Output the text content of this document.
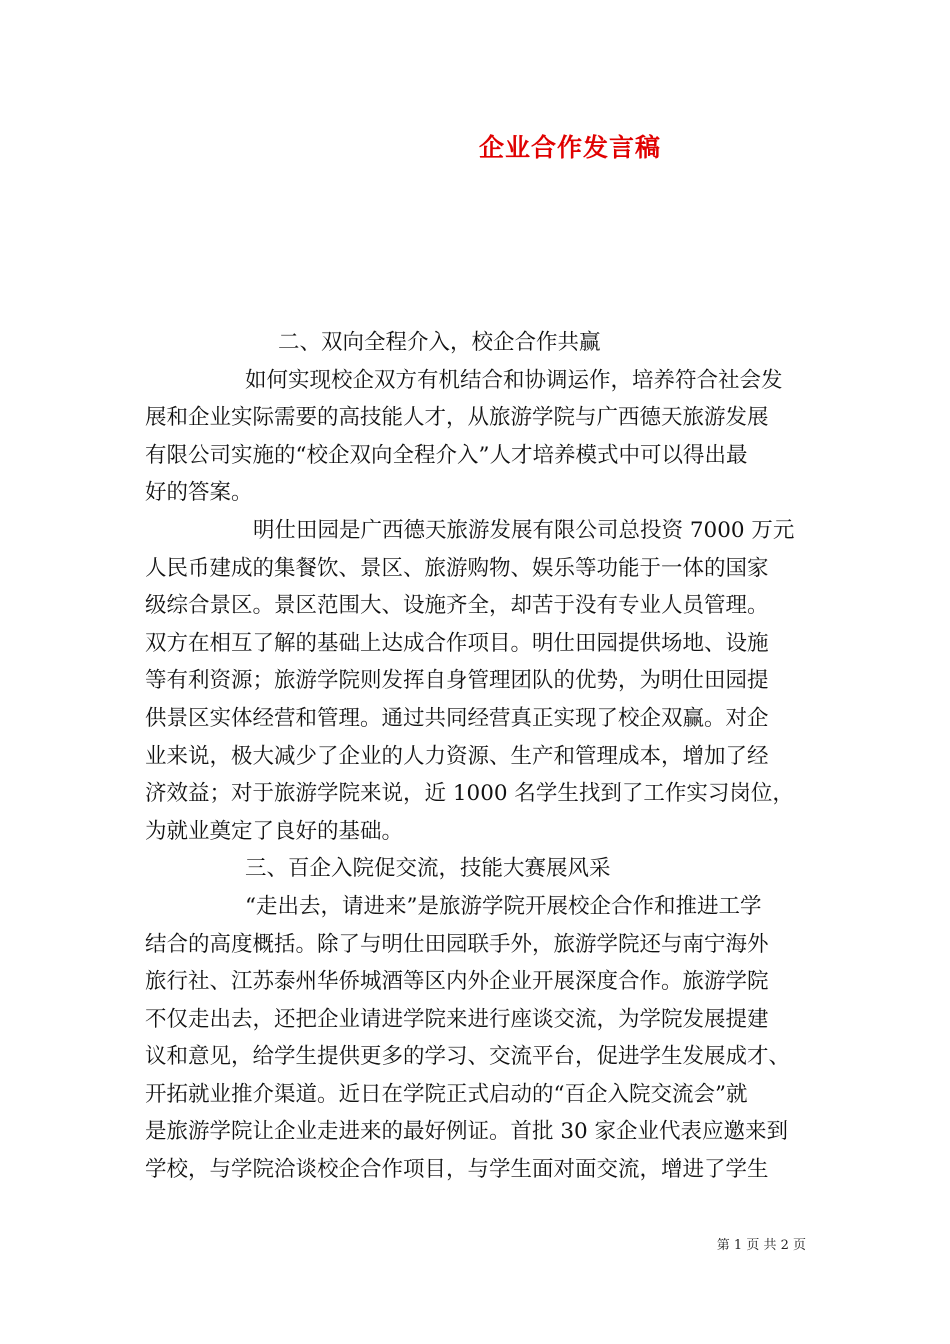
企业合作发言稿
二、双向全程介入，校企合作共赢
如何实现校企双方有机结合和协调运作，培养符合社会发
展和企业实际需要的高技能人才，从旅游学院与广西德天旅游发展
有限公司实施的“校企双向全程介入”人才培养模式中可以得出最
好的答案。
明仕田园是广西德天旅游发展有限公司总投资 7000 万元
人民币建成的集餐饮、景区、旅游购物、娱乐等功能于一体的国家
级综合景区。景区范围大、设施齐全，却苦于没有专业人员管理。
双方在相互了解的基础上达成合作项目。明仕田园提供场地、设施
等有利资源；旅游学院则发挥自身管理团队的优势，为明仕田园提
供景区实体经营和管理。通过共同经营真正实现了校企双赢。对企
业来说，极大减少了企业的人力资源、生产和管理成本，增加了经
济效益；对于旅游学院来说，近 1000 名学生找到了工作实习岗位，
为就业奠定了良好的基础。
三、百企入院促交流，技能大赛展风采
“走出去，请进来”是旅游学院开展校企合作和推进工学
结合的高度概括。除了与明仕田园联手外，旅游学院还与南宁海外
旅行社、江苏泰州华侨城酒等区内外企业开展深度合作。旅游学院
不仅走出去，还把企业请进学院来进行座谈交流，为学院发展提建
议和意见，给学生提供更多的学习、交流平台，促进学生发展成才、
开拓就业推介渠道。近日在学院正式启动的“百企入院交流会”就
是旅游学院让企业走进来的最好例证。首批 30 家企业代表应邀来到
学校，与学院洽谈校企合作项目，与学生面对面交流，增进了学生
第 1 页 共 2 页
